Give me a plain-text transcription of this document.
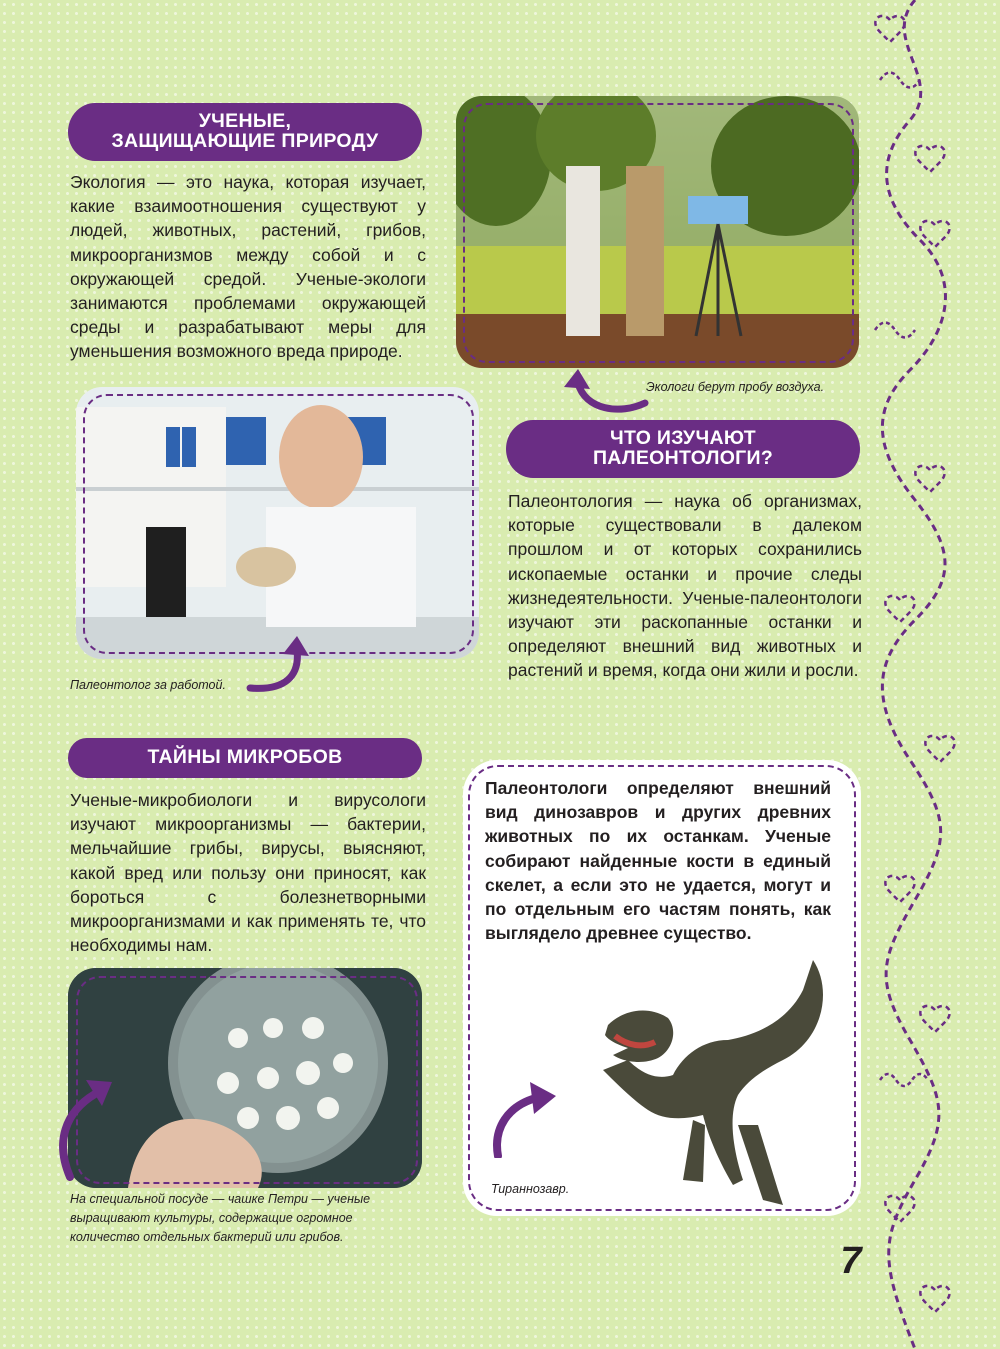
УЧЕНЫЕ,
ЗАЩИЩАЮЩИЕ ПРИРОДУ

Экология — это наука, которая изучает, какие взаимоотношения существуют у людей, животных, растений, грибов, микроорганизмов между собой и с окружающей средой. Ученые-экологи занимаются проблемами окружающей среды и разрабатывают меры для уменьшения возможного вреда природе.

Экологи берут пробу воздуха.

Палеонтолог за работой.

ЧТО ИЗУЧАЮТ
ПАЛЕОНТОЛОГИ?

Палеонтология — наука об организмах, которые существовали в далеком прошлом и от которых сохранились ископаемые останки и прочие следы жизнедеятельности. Ученые-палеонтологи изучают эти раскопанные останки и определяют внешний вид животных и растений и время, когда они жили и росли.

ТАЙНЫ МИКРОБОВ

Ученые-микробиологи и вирусологи изучают микроорганизмы — бактерии, мельчайшие грибы, вирусы, выясняют, какой вред или пользу они приносят, как бороться с болезнетворными микроорганизмами и как применять те, что необходимы нам.

На специальной посуде — чашке Петри — ученые выращивают культуры, содержащие огромное количество отдельных бактерий или грибов.

Палеонтологи определяют внешний вид динозавров и других древних животных по их останкам. Ученые собирают найденные кости в единый скелет, а если это не удается, могут и по отдельным его частям понять, как выглядело древнее существо.

Тираннозавр.

7
